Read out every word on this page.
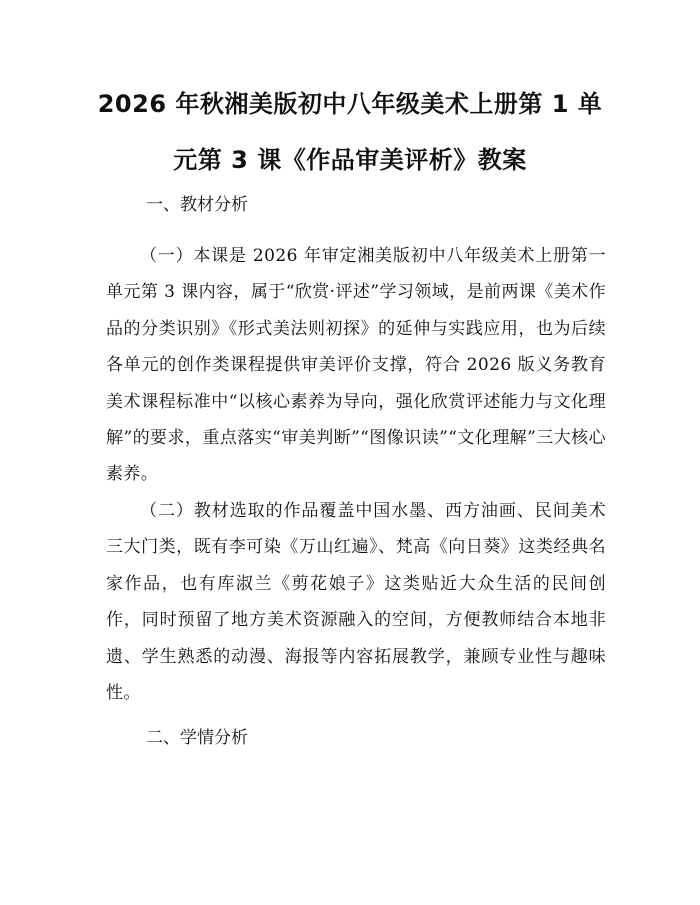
2026 年秋湘美版初中八年级美术上册第 1 单元第 3 课《作品审美评析》教案

一、教材分析

（一）本课是 2026 年审定湘美版初中八年级美术上册第一单元第 3 课内容，属于“欣赏·评述”学习领域，是前两课《美术作品的分类识别》《形式美法则初探》的延伸与实践应用，也为后续各单元的创作类课程提供审美评价支撑，符合 2026 版义务教育美术课程标准中“以核心素养为导向，强化欣赏评述能力与文化理解”的要求，重点落实“审美判断”“图像识读”“文化理解”三大核心素养。

（二）教材选取的作品覆盖中国水墨、西方油画、民间美术三大门类，既有李可染《万山红遍》、梵高《向日葵》这类经典名家作品，也有库淑兰《剪花娘子》这类贴近大众生活的民间创作，同时预留了地方美术资源融入的空间，方便教师结合本地非遗、学生熟悉的动漫、海报等内容拓展教学，兼顾专业性与趣味性。

二、学情分析
